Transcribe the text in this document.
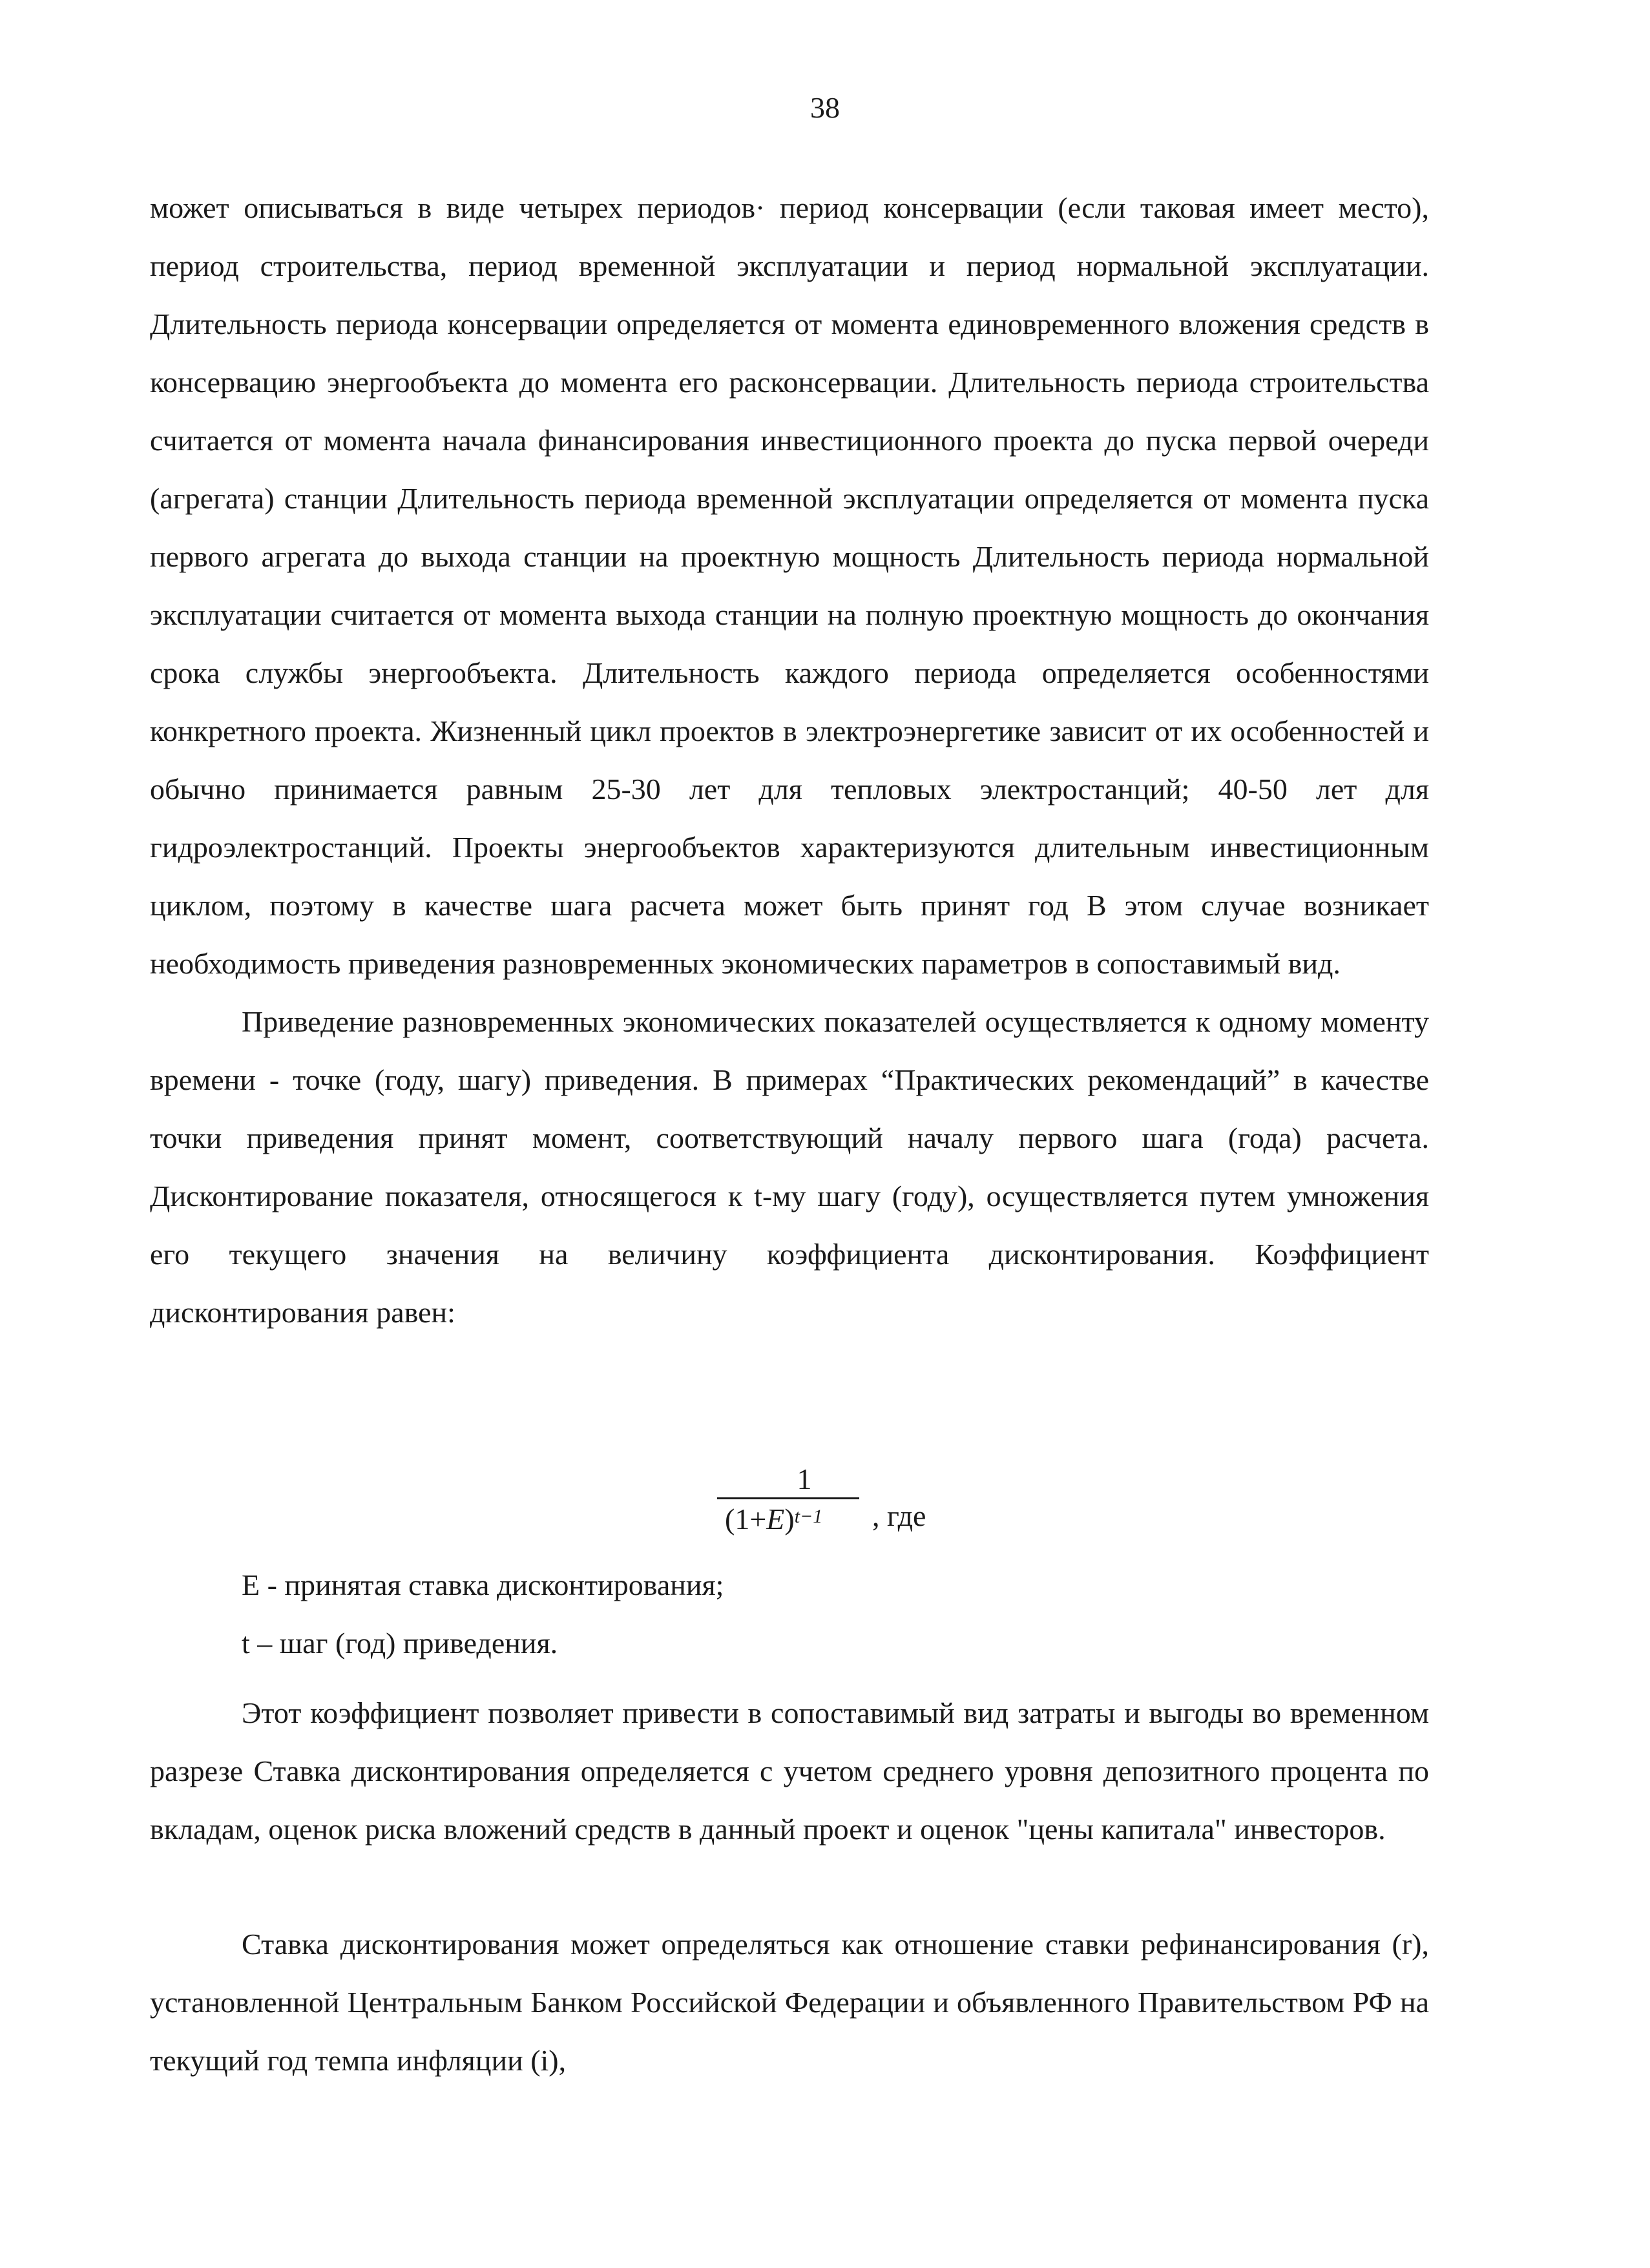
38

может описываться в виде четырех периодов· период консервации (если таковая имеет место), период строительства, период временной эксплуатации и период нормальной эксплуатации. Длительность периода консервации определяется от момента единовременного вложения средств в консервацию энергообъекта до момента его расконсервации. Длительность периода строительства считается от момента начала финансирования инвестиционного проекта до пуска первой очереди (агрегата) станции Длительность периода временной эксплуатации определяется от момента пуска первого агрегата до выхода станции на проектную мощность Длительность периода нормальной эксплуатации считается от момента выхода станции на полную проектную мощность до окончания срока службы энергообъекта. Длительность каждого периода определяется особенностями конкретного проекта. Жизненный цикл проектов в электроэнергетике зависит от их особенностей и обычно принимается равным 25-30 лет для тепловых электростанций; 40-50 лет для гидроэлектростанций. Проекты энергообъектов характеризуются длительным инвестиционным циклом, поэтому в качестве шага расчета может быть принят год В этом случае возникает необходимость приведения разновременных экономических параметров в сопоставимый вид.

Приведение разновременных экономических показателей осуществляется к одному моменту времени - точке (году, шагу) приведения. В примерах “Практических рекомендаций” в качестве точки приведения принят момент, соответствующий началу первого шага (года) расчета. Дисконтирование показателя, относящегося к t-му шагу (году), осуществляется путем умножения его текущего значения на величину коэффициента дисконтирования. Коэффициент дисконтирования равен:

1
$(1+E)^{t-1}$	, где
Е - принятая ставка дисконтирования;
t – шаг (год) приведения.

Этот коэффициент позволяет привести в сопоставимый вид затраты и выгоды во временном разрезе Ставка дисконтирования определяется с учетом среднего уровня депозитного процента по вкладам, оценок риска вложений средств в данный проект и оценок "цены капитала" инвесторов.

Ставка дисконтирования может определяться как отношение ставки рефинансирования (r), установленной Центральным Банком Российской Федерации и объявленного Правительством РФ на текущий год темпа инфляции (i),
